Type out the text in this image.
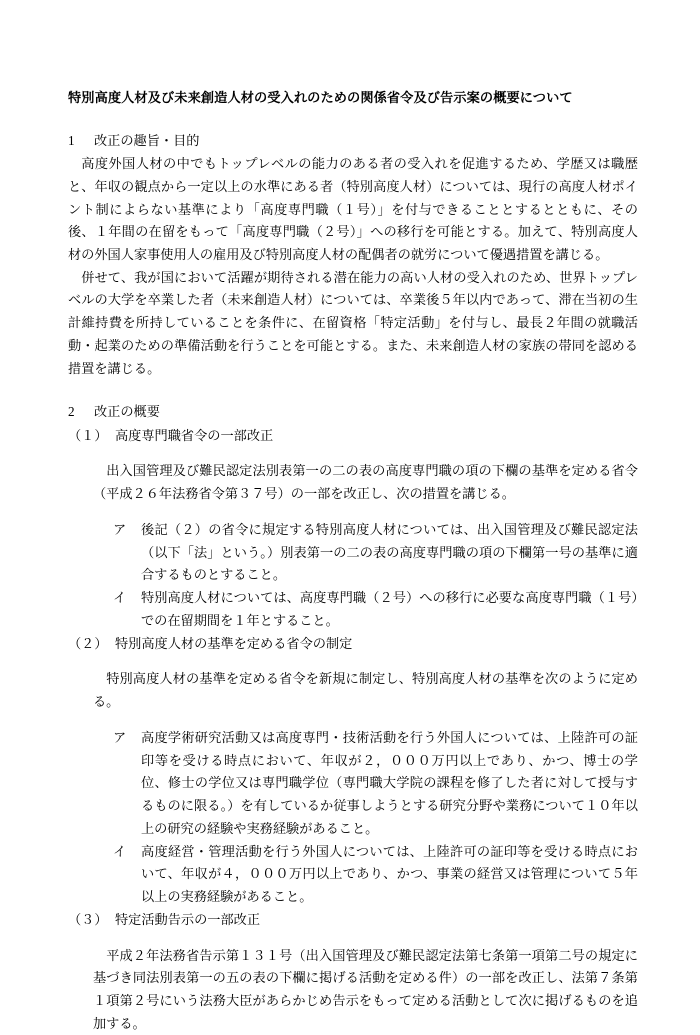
特別高度人材及び未来創造人材の受入れのための関係省令及び告示案の概要について
1	改正の趣旨・目的

高度外国人材の中でもトップレベルの能力のある者の受入れを促進するため、学歴又は職歴と、年収の観点から一定以上の水準にある者（特別高度人材）については、現行の高度人材ポイント制によらない基準により「高度専門職（１号）」を付与できることとするとともに、その後、１年間の在留をもって「高度専門職（２号）」への移行を可能とする。加えて、特別高度人材の外国人家事使用人の雇用及び特別高度人材の配偶者の就労について優遇措置を講じる。

併せて、我が国において活躍が期待される潜在能力の高い人材の受入れのため、世界トップレベルの大学を卒業した者（未来創造人材）については、卒業後５年以内であって、滞在当初の生計維持費を所持していることを条件に、在留資格「特定活動」を付与し、最長２年間の就職活動・起業のための準備活動を行うことを可能とする。また、未来創造人材の家族の帯同を認める措置を講じる。

2	改正の概要
（１） 高度専門職省令の一部改正

出入国管理及び難民認定法別表第一の二の表の高度専門職の項の下欄の基準を定める省令（平成２６年法務省令第３７号）の一部を改正し、次の措置を講じる。

ア	後記（２）の省令に規定する特別高度人材については、出入国管理及び難民認定法（以下「法」という。）別表第一の二の表の高度専門職の項の下欄第一号の基準に適合するものとすること。
イ	特別高度人材については、高度専門職（２号）への移行に必要な高度専門職（１号）での在留期間を１年とすること。
（２） 特別高度人材の基準を定める省令の制定

特別高度人材の基準を定める省令を新規に制定し、特別高度人材の基準を次のように定める。

ア	高度学術研究活動又は高度専門・技術活動を行う外国人については、上陸許可の証印等を受ける時点において、年収が２，０００万円以上であり、かつ、博士の学位、修士の学位又は専門職学位（専門職大学院の課程を修了した者に対して授与するものに限る。）を有しているか従事しようとする研究分野や業務について１０年以上の研究の経験や実務経験があること。
イ	高度経営・管理活動を行う外国人については、上陸許可の証印等を受ける時点において、年収が４，０００万円以上であり、かつ、事業の経営又は管理について５年以上の実務経験があること。
（３） 特定活動告示の一部改正

平成２年法務省告示第１３１号（出入国管理及び難民認定法第七条第一項第二号の規定に基づき同法別表第一の五の表の下欄に掲げる活動を定める件）の一部を改正し、法第７条第１項第２号にいう法務大臣があらかじめ告示をもって定める活動として次に掲げるものを追加する。
